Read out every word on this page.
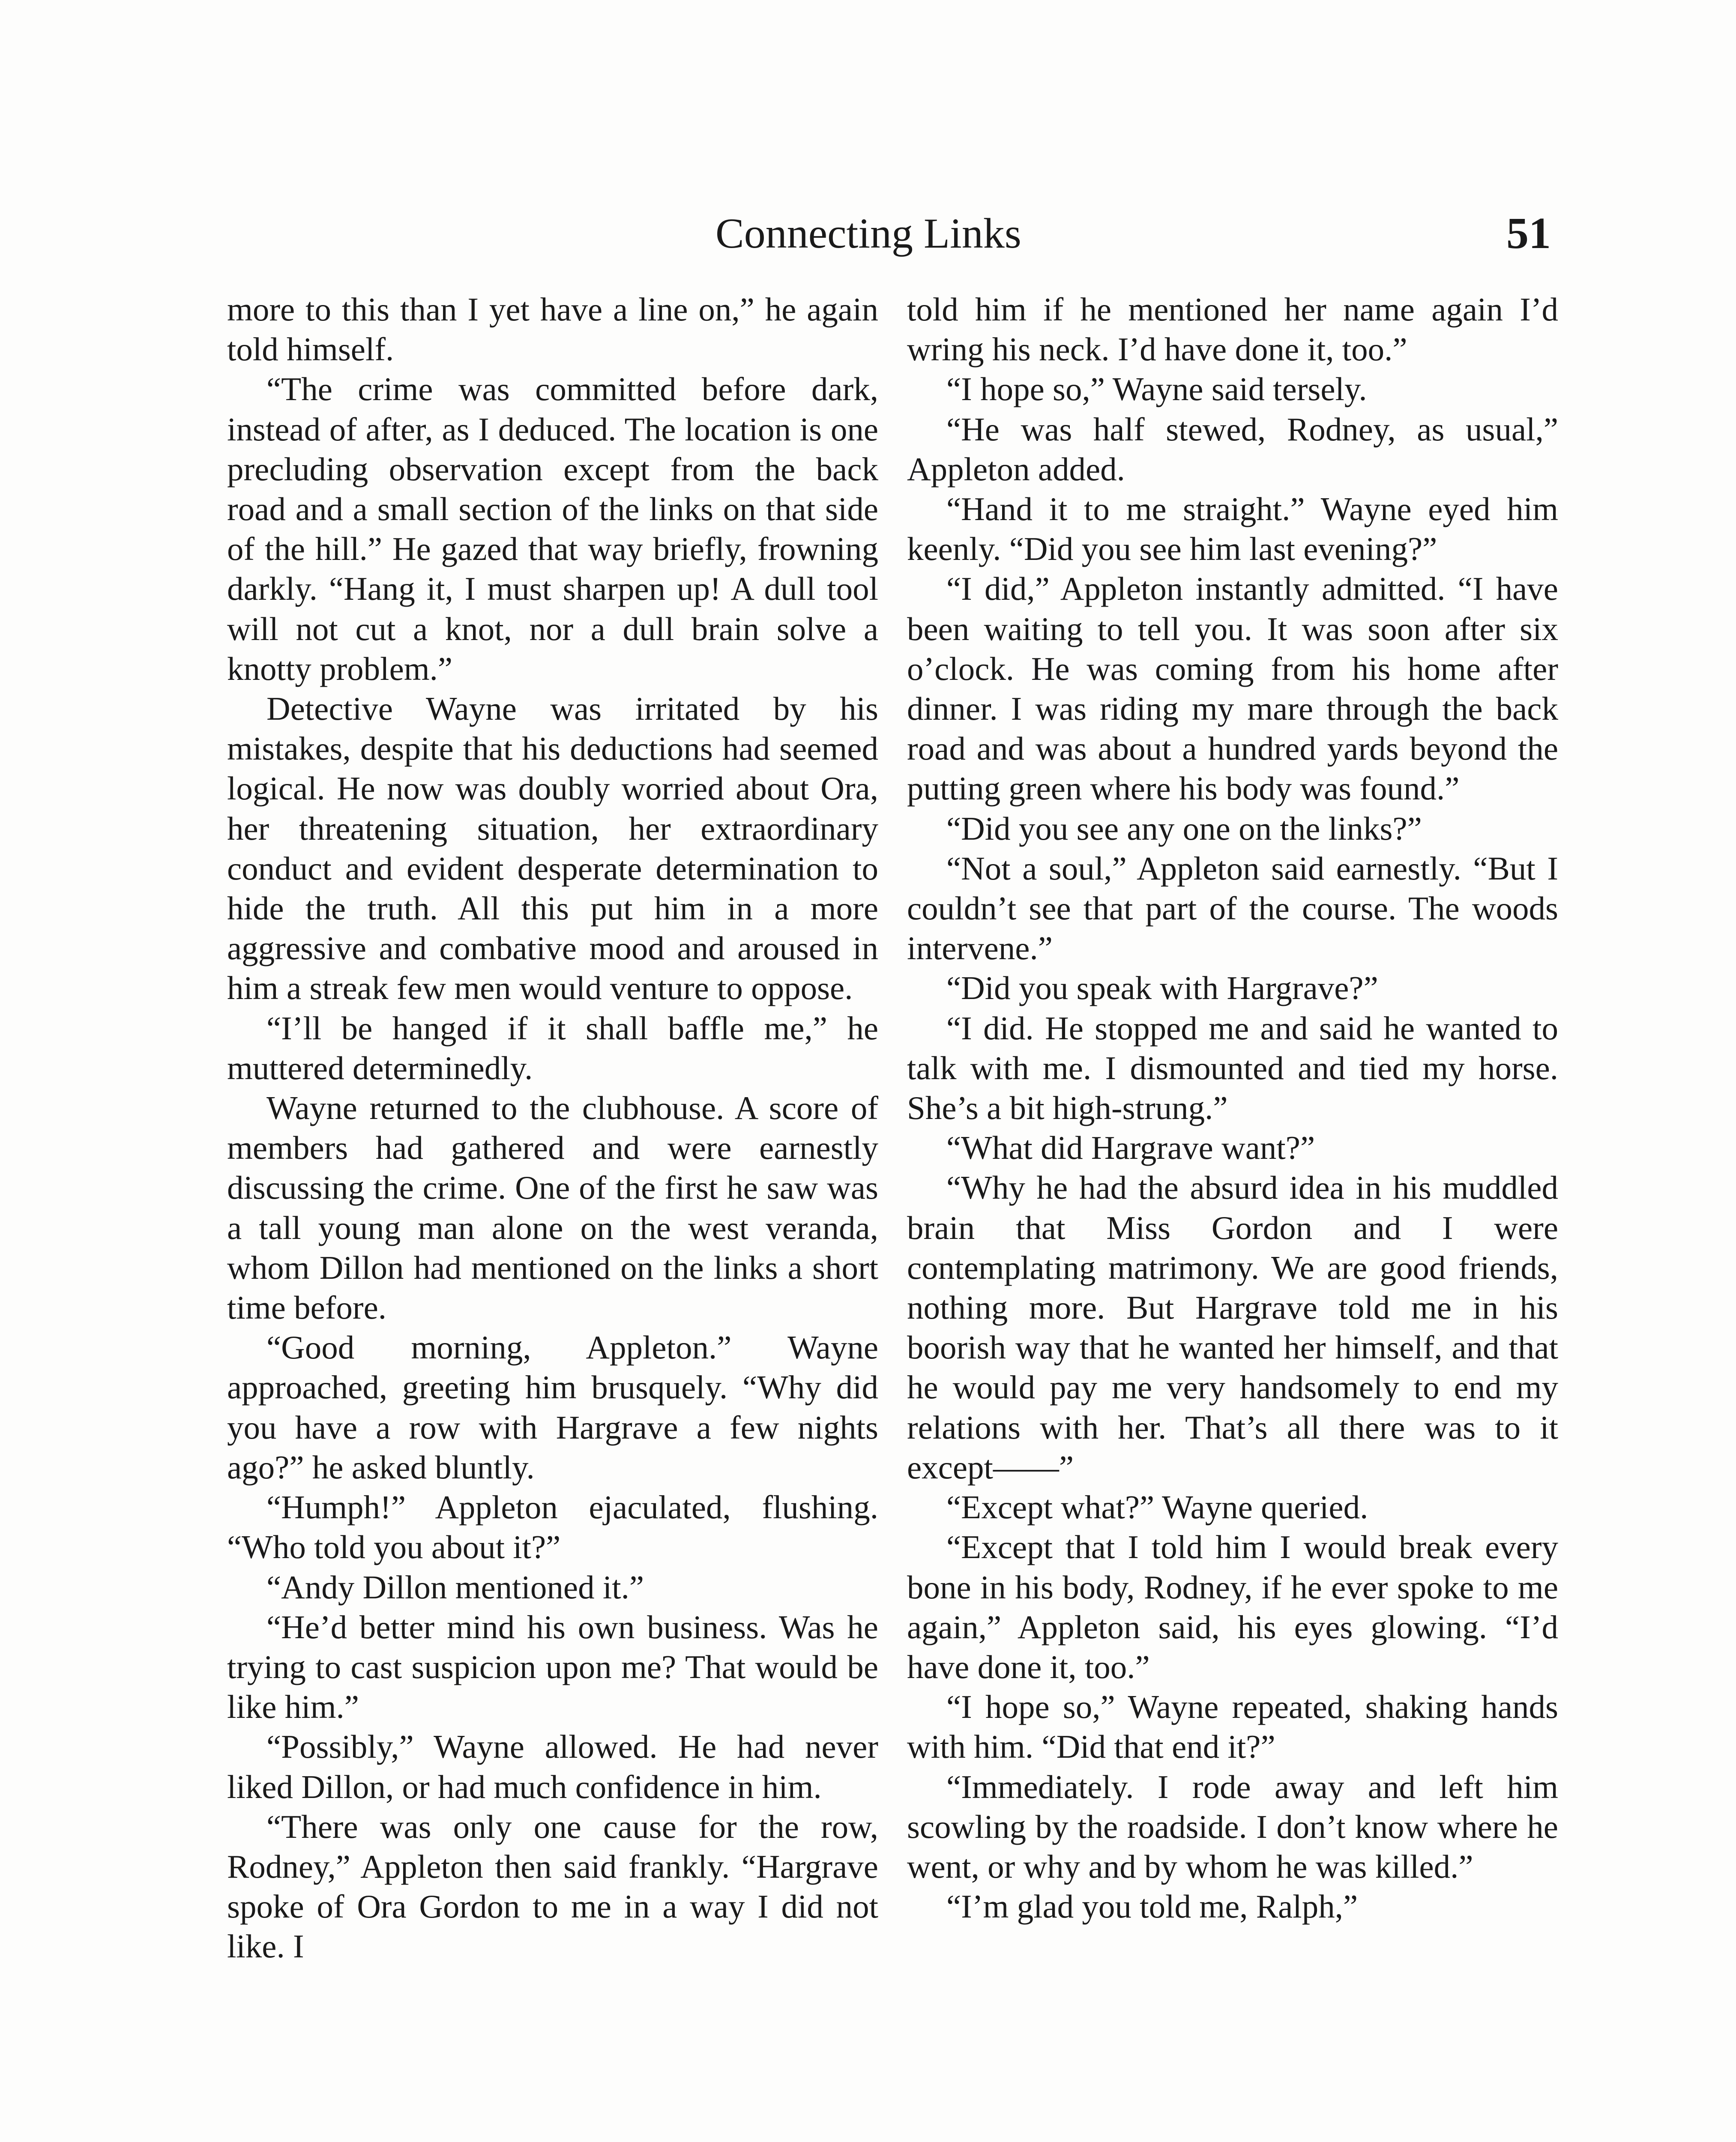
Connecting Links	51

more to this than I yet have a line on,” he again told himself.

“The crime was committed before dark, instead of after, as I deduced. The location is one precluding observation except from the back road and a small section of the links on that side of the hill.” He gazed that way briefly, frowning darkly. “Hang it, I must sharpen up! A dull tool will not cut a knot, nor a dull brain solve a knotty problem.”

Detective Wayne was irritated by his mistakes, despite that his deductions had seemed logical. He now was doubly worried about Ora, her threatening situation, her extraordinary conduct and evident desperate determination to hide the truth. All this put him in a more aggressive and combative mood and aroused in him a streak few men would venture to oppose.

“I’ll be hanged if it shall baffle me,” he muttered determinedly.

Wayne returned to the clubhouse. A score of members had gathered and were earnestly discussing the crime. One of the first he saw was a tall young man alone on the west veranda, whom Dillon had mentioned on the links a short time before.

“Good morning, Appleton.” Wayne approached, greeting him brusquely. “Why did you have a row with Hargrave a few nights ago?” he asked bluntly.

“Humph!” Appleton ejaculated, flushing. “Who told you about it?”

“Andy Dillon mentioned it.”

“He’d better mind his own business. Was he trying to cast suspicion upon me? That would be like him.”

“Possibly,” Wayne allowed. He had never liked Dillon, or had much confidence in him.

“There was only one cause for the row, Rodney,” Appleton then said frankly. “Hargrave spoke of Ora Gordon to me in a way I did not like. I

told him if he mentioned her name again I’d wring his neck. I’d have done it, too.”

“I hope so,” Wayne said tersely.

“He was half stewed, Rodney, as usual,” Appleton added.

“Hand it to me straight.” Wayne eyed him keenly. “Did you see him last evening?”

“I did,” Appleton instantly admitted. “I have been waiting to tell you. It was soon after six o’clock. He was coming from his home after dinner. I was riding my mare through the back road and was about a hundred yards beyond the putting green where his body was found.”

“Did you see any one on the links?”

“Not a soul,” Appleton said earnestly. “But I couldn’t see that part of the course. The woods intervene.”

“Did you speak with Hargrave?”

“I did. He stopped me and said he wanted to talk with me. I dismounted and tied my horse. She’s a bit high-strung.”

“What did Hargrave want?”

“Why he had the absurd idea in his muddled brain that Miss Gordon and I were contemplating matrimony. We are good friends, nothing more. But Hargrave told me in his boorish way that he wanted her himself, and that he would pay me very handsomely to end my relations with her. That’s all there was to it except——”

“Except what?” Wayne queried.

“Except that I told him I would break every bone in his body, Rodney, if he ever spoke to me again,” Appleton said, his eyes glowing. “I’d have done it, too.”

“I hope so,” Wayne repeated, shaking hands with him. “Did that end it?”

“Immediately. I rode away and left him scowling by the roadside. I don’t know where he went, or why and by whom he was killed.”

“I’m glad you told me, Ralph,”
